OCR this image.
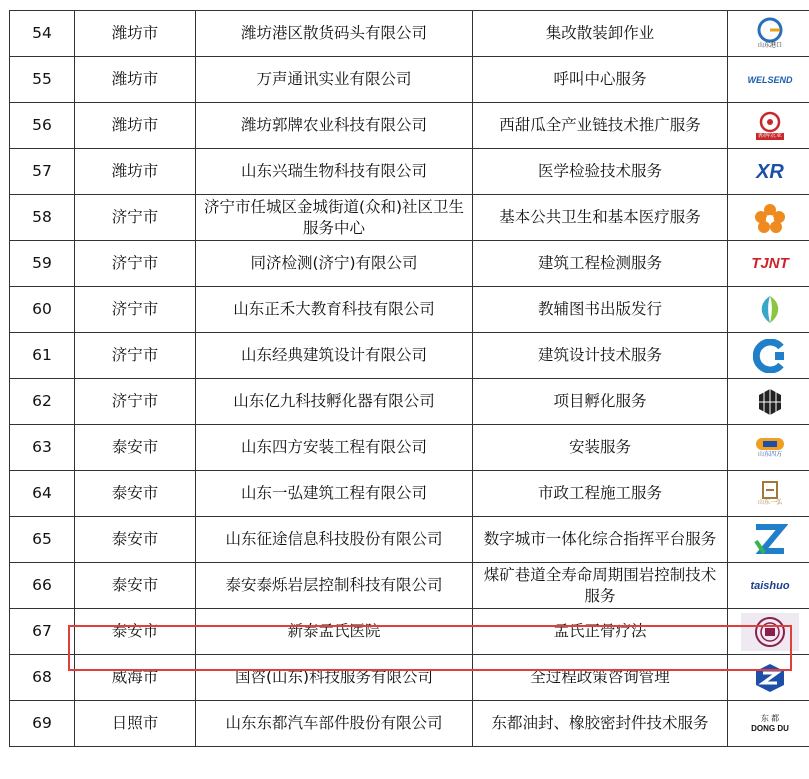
54	潍坊市	潍坊港区散货码头有限公司	集改散装卸作业	山东港口

55	潍坊市	万声通讯实业有限公司	呼叫中心服务	WELSEND

56	潍坊市	潍坊郭牌农业科技有限公司	西甜瓜全产业链技术推广服务	郭牌农业

57	潍坊市	山东兴瑞生物科技有限公司	医学检验技术服务	XR

58	济宁市	济宁市任城区金城街道(众和)社区卫生服务中心	基本公共卫生和基本医疗服务	

59	济宁市	同济检测(济宁)有限公司	建筑工程检测服务	TJNT

60	济宁市	山东正禾大教育科技有限公司	教辅图书出版发行	

61	济宁市	山东经典建筑设计有限公司	建筑设计技术服务	

62	济宁市	山东亿九科技孵化器有限公司	项目孵化服务	

63	泰安市	山东四方安装工程有限公司	安装服务	山东四方

64	泰安市	山东一弘建筑工程有限公司	市政工程施工服务	山东一弘

65	泰安市	山东征途信息科技股份有限公司	数字城市一体化综合指挥平台服务	

66	泰安市	泰安泰烁岩层控制科技有限公司	煤矿巷道全寿命周期围岩控制技术服务	taishuo

67	泰安市	新泰孟氏医院	孟氏正骨疗法	

68	威海市	国咨(山东)科技服务有限公司	全过程政策咨询管理	

69	日照市	山东东都汽车部件股份有限公司	东都油封、橡胶密封件技术服务	东 都
DONG DU
